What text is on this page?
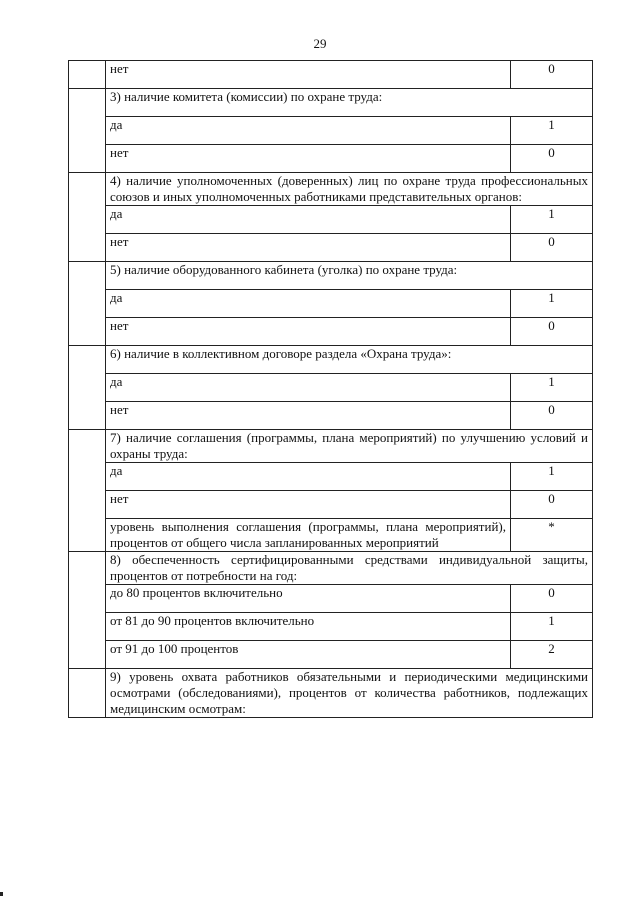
29
	нет	0
	3) наличие комитета (комиссии) по охране труда:	
	да	1
	нет	0
	4) наличие уполномоченных (доверенных) лиц по охране труда профессиональных союзов и иных уполномоченных работниками представительных органов:	
	да	1
	нет	0
	5) наличие оборудованного кабинета (уголка) по охране труда:	
	да	1
	нет	0
	6) наличие в коллективном договоре раздела «Охрана труда»:	
	да	1
	нет	0
	7) наличие соглашения (программы, плана мероприятий) по улучшению условий и охраны труда:	
	да	1
	нет	0
	уровень выполнения соглашения (программы, плана мероприятий), процентов от общего числа запланированных мероприятий	*
	8) обеспеченность сертифицированными средствами индивидуальной защиты, процентов от потребности на год:	
	до 80 процентов включительно	0
	от 81 до 90 процентов включительно	1
	от 91 до 100 процентов	2
	9) уровень охвата работников обязательными и периодическими медицинскими осмотрами (обследованиями), процентов от количества работников, подлежащих медицинским осмотрам:	
